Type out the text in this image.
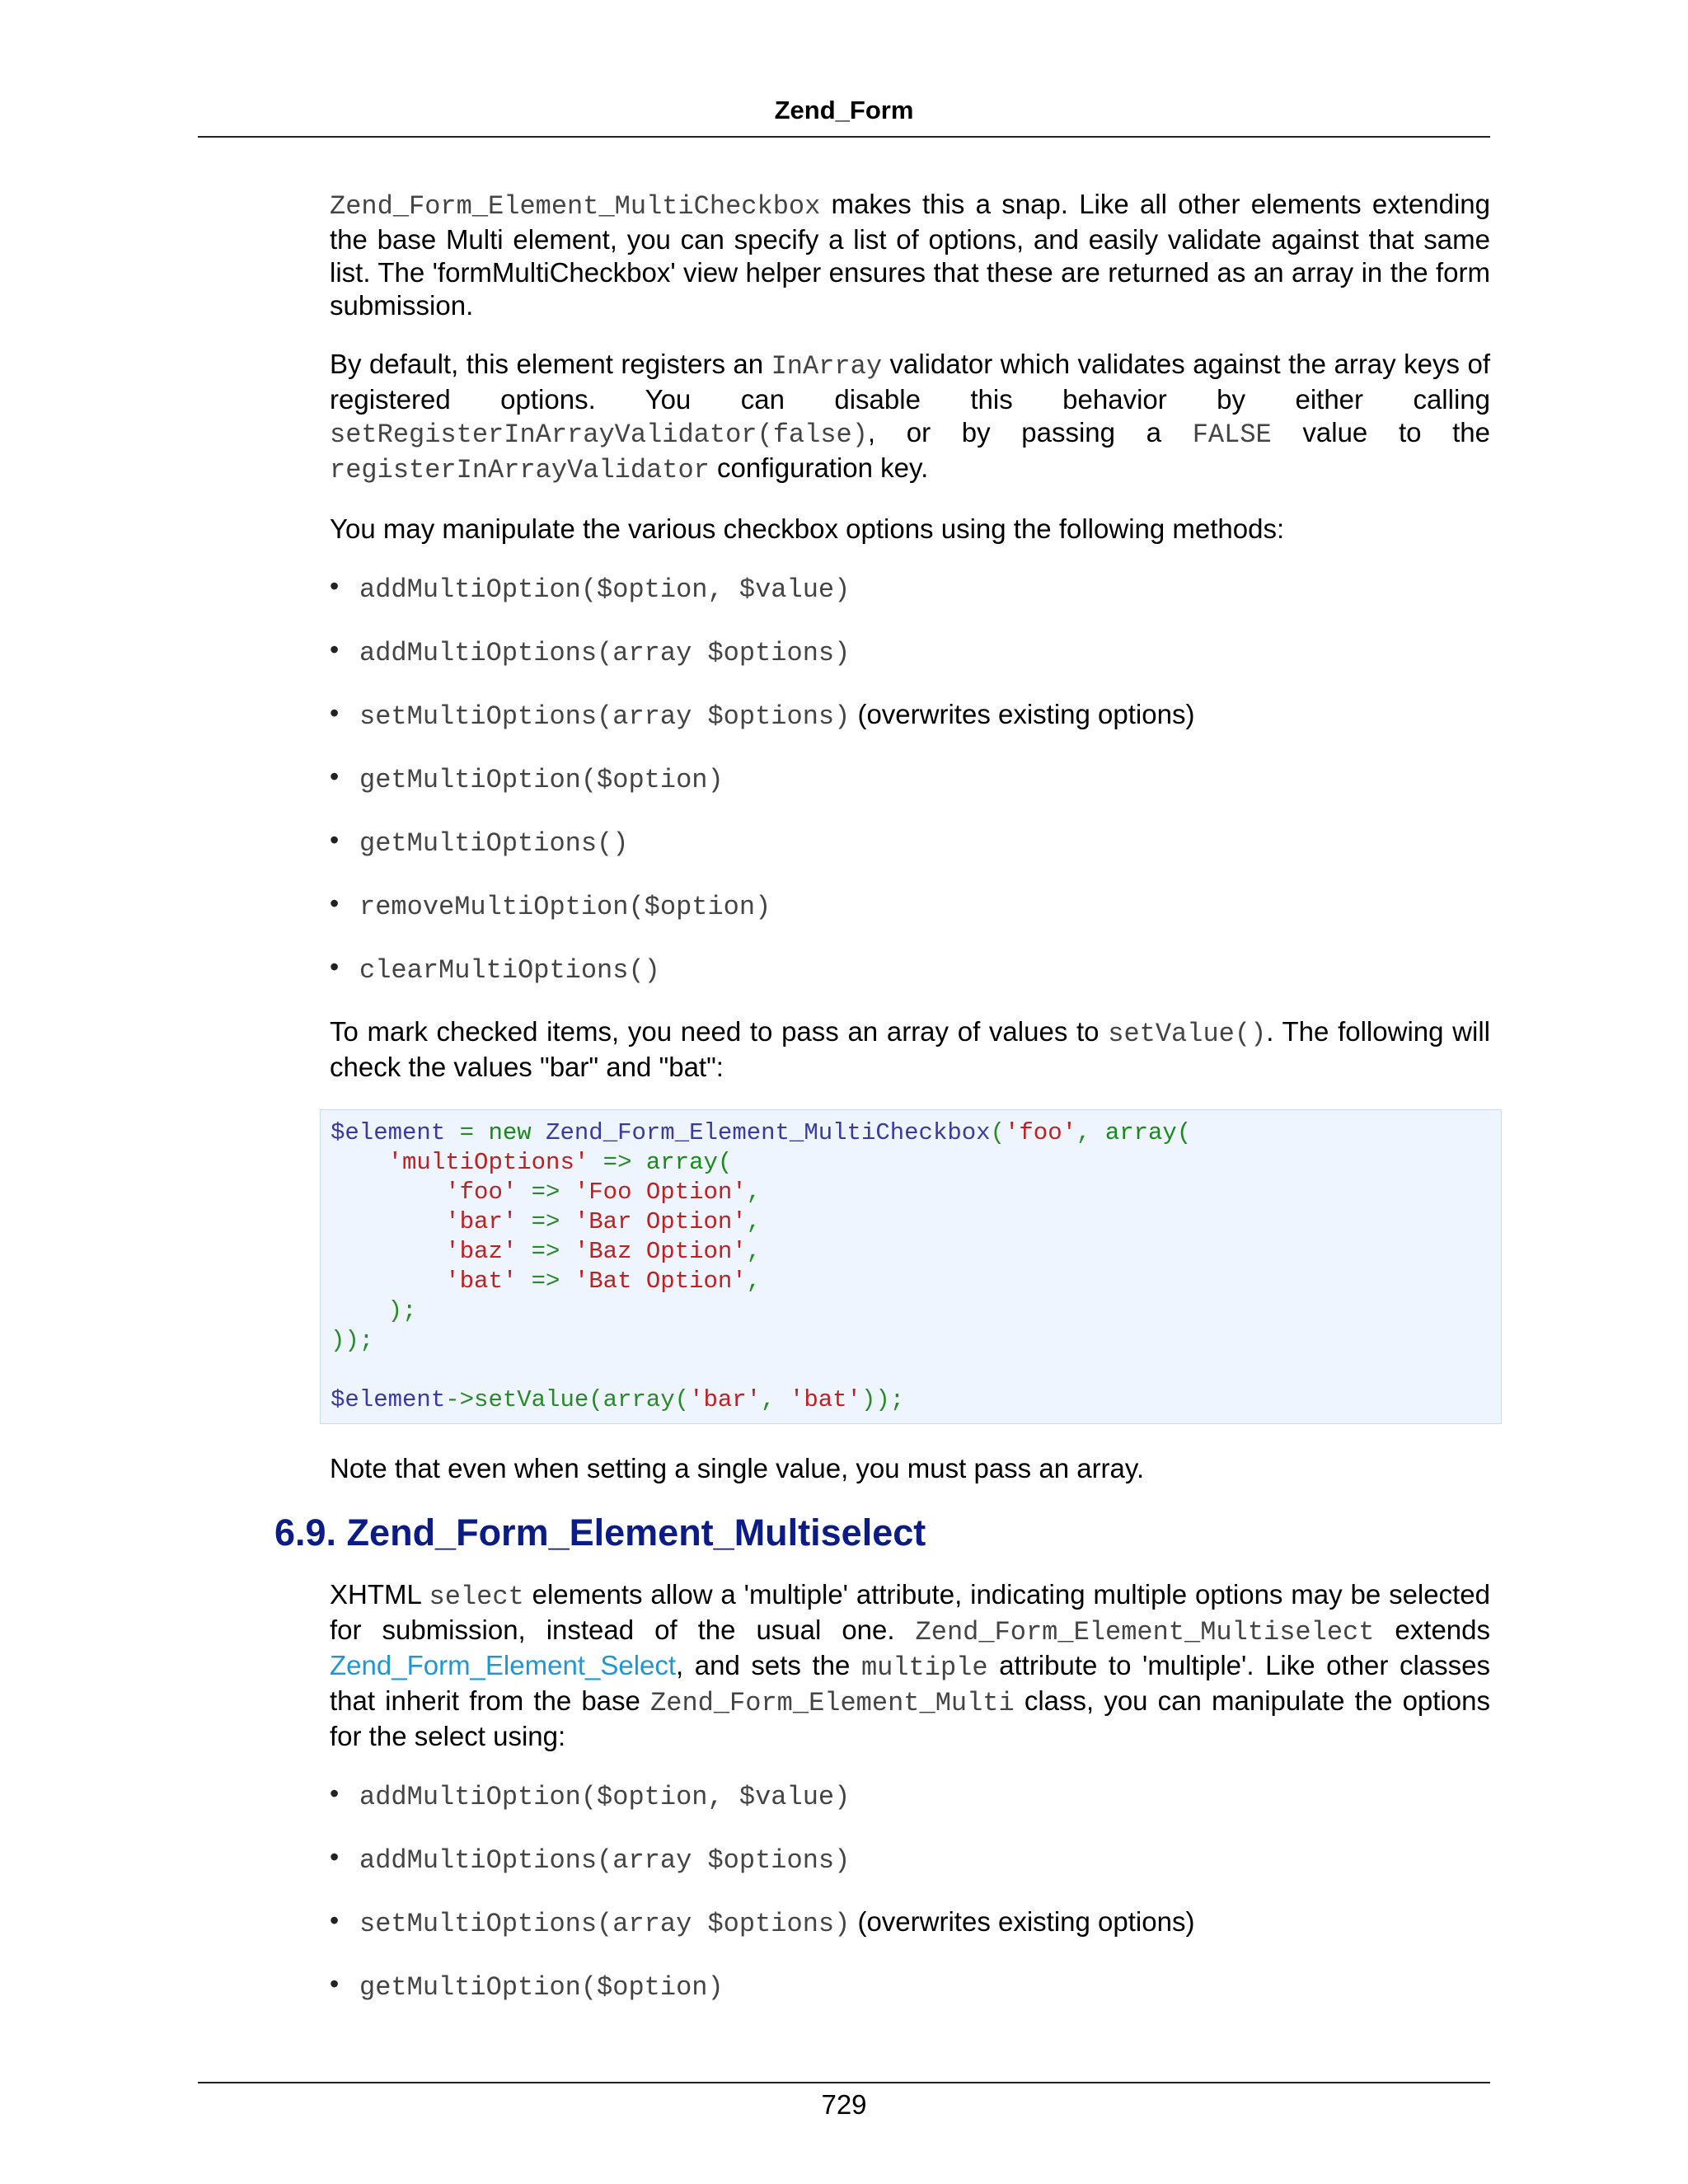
Zend_Form

Zend_Form_Element_MultiCheckbox makes this a snap. Like all other elements extending the base Multi element, you can specify a list of options, and easily validate against that same list. The 'formMultiCheckbox' view helper ensures that these are returned as an array in the form submission.

By default, this element registers an InArray validator which validates against the array keys of registered options. You can disable this behavior by either calling setRegisterInArrayValidator(false), or by passing a FALSE value to the registerInArrayValidator configuration key.

You may manipulate the various checkbox options using the following methods:

• addMultiOption($option, $value)
• addMultiOptions(array $options)
• setMultiOptions(array $options) (overwrites existing options)
• getMultiOption($option)
• getMultiOptions()
• removeMultiOption($option)
• clearMultiOptions()

To mark checked items, you need to pass an array of values to setValue(). The following will check the values "bar" and "bat":

$element = new Zend_Form_Element_MultiCheckbox('foo', array(
'multiOptions' => array(
'foo' => 'Foo Option',
'bar' => 'Bar Option',
'baz' => 'Baz Option',
'bat' => 'Bat Option',
);
));

$element->setValue(array('bar', 'bat'));

Note that even when setting a single value, you must pass an array.

6.9. Zend_Form_Element_Multiselect

XHTML select elements allow a 'multiple' attribute, indicating multiple options may be selected for submission, instead of the usual one. Zend_Form_Element_Multiselect extends Zend_Form_Element_Select, and sets the multiple attribute to 'multiple'. Like other classes that inherit from the base Zend_Form_Element_Multi class, you can manipulate the options for the select using:

• addMultiOption($option, $value)
• addMultiOptions(array $options)
• setMultiOptions(array $options) (overwrites existing options)
• getMultiOption($option)
729
